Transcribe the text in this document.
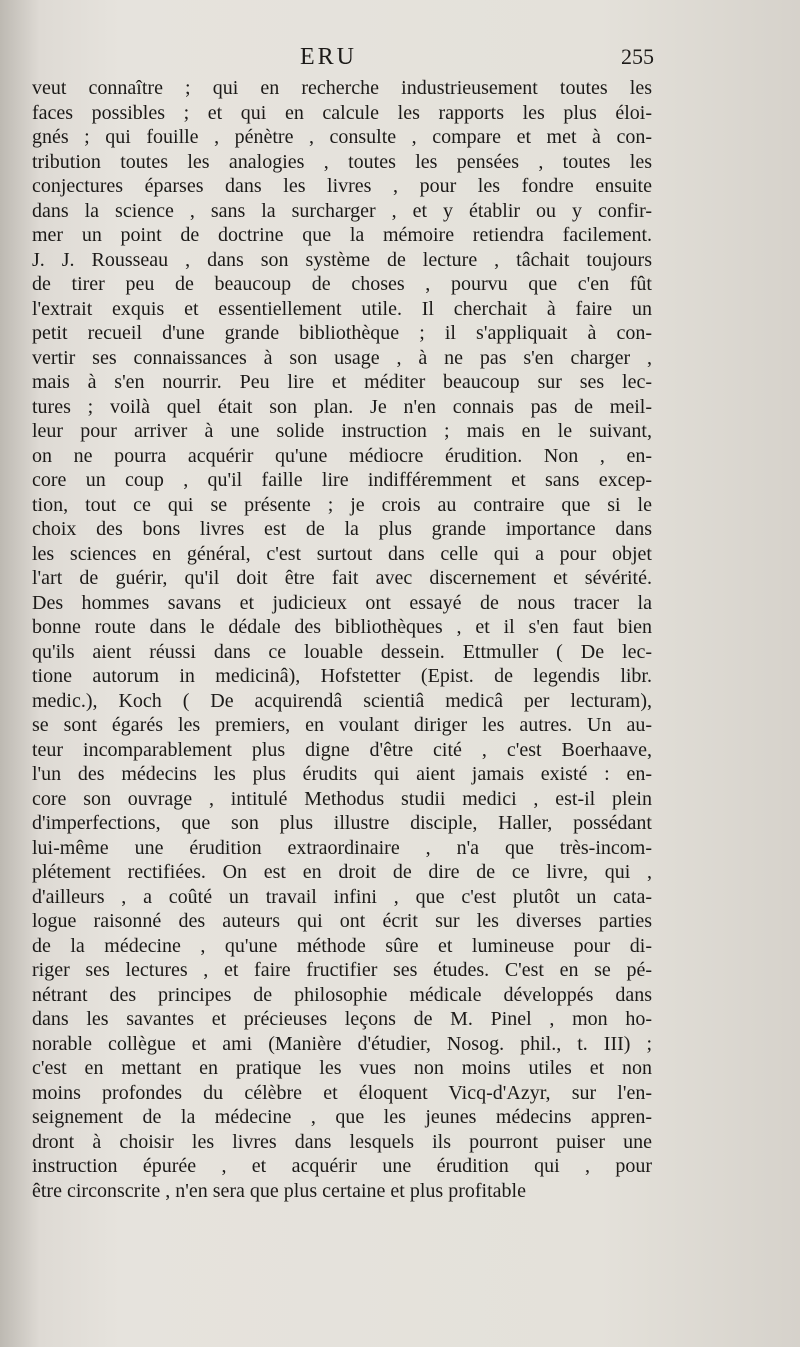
ERU	255
veut connaître ; qui en recherche industrieusement toutes les
faces possibles ; et qui en calcule les rapports les plus éloi-
gnés ; qui fouille , pénètre , consulte , compare et met à con-
tribution toutes les analogies , toutes les pensées , toutes les
conjectures éparses dans les livres , pour les fondre ensuite
dans la science , sans la surcharger , et y établir ou y confir-
mer un point de doctrine que la mémoire retiendra facilement.
J. J. Rousseau , dans son système de lecture , tâchait toujours
de tirer peu de beaucoup de choses , pourvu que c'en fût
l'extrait exquis et essentiellement utile. Il cherchait à faire un
petit recueil d'une grande bibliothèque ; il s'appliquait à con-
vertir ses connaissances à son usage , à ne pas s'en charger ,
mais à s'en nourrir. Peu lire et méditer beaucoup sur ses lec-
tures ; voilà quel était son plan. Je n'en connais pas de meil-
leur pour arriver à une solide instruction ; mais en le suivant,
on ne pourra acquérir qu'une médiocre érudition. Non , en-
core un coup , qu'il faille lire indifféremment et sans excep-
tion, tout ce qui se présente ; je crois au contraire que si le
choix des bons livres est de la plus grande importance dans
les sciences en général, c'est surtout dans celle qui a pour objet
l'art de guérir, qu'il doit être fait avec discernement et sévérité.
Des hommes savans et judicieux ont essayé de nous tracer la
bonne route dans le dédale des bibliothèques , et il s'en faut bien
qu'ils aient réussi dans ce louable dessein. Ettmuller ( De lec-
tione autorum in medicinâ), Hofstetter (Epist. de legendis libr.
medic.), Koch ( De acquirendâ scientiâ medicâ per lecturam),
se sont égarés les premiers, en voulant diriger les autres. Un au-
teur incomparablement plus digne d'être cité , c'est Boerhaave,
l'un des médecins les plus érudits qui aient jamais existé : en-
core son ouvrage , intitulé Methodus studii medici , est-il plein
d'imperfections, que son plus illustre disciple, Haller, possédant
lui-même une érudition extraordinaire , n'a que très-incom-
plétement rectifiées. On est en droit de dire de ce livre, qui ,
d'ailleurs , a coûté un travail infini , que c'est plutôt un cata-
logue raisonné des auteurs qui ont écrit sur les diverses parties
de la médecine , qu'une méthode sûre et lumineuse pour di-
riger ses lectures , et faire fructifier ses études. C'est en se pé-
nétrant des principes de philosophie médicale développés dans
dans les savantes et précieuses leçons de M. Pinel , mon ho-
norable collègue et ami (Manière d'étudier, Nosog. phil., t. III) ;
c'est en mettant en pratique les vues non moins utiles et non
moins profondes du célèbre et éloquent Vicq-d'Azyr, sur l'en-
seignement de la médecine , que les jeunes médecins appren-
dront à choisir les livres dans lesquels ils pourront puiser une
instruction épurée , et acquérir une érudition qui , pour
être circonscrite , n'en sera que plus certaine et plus profitable
